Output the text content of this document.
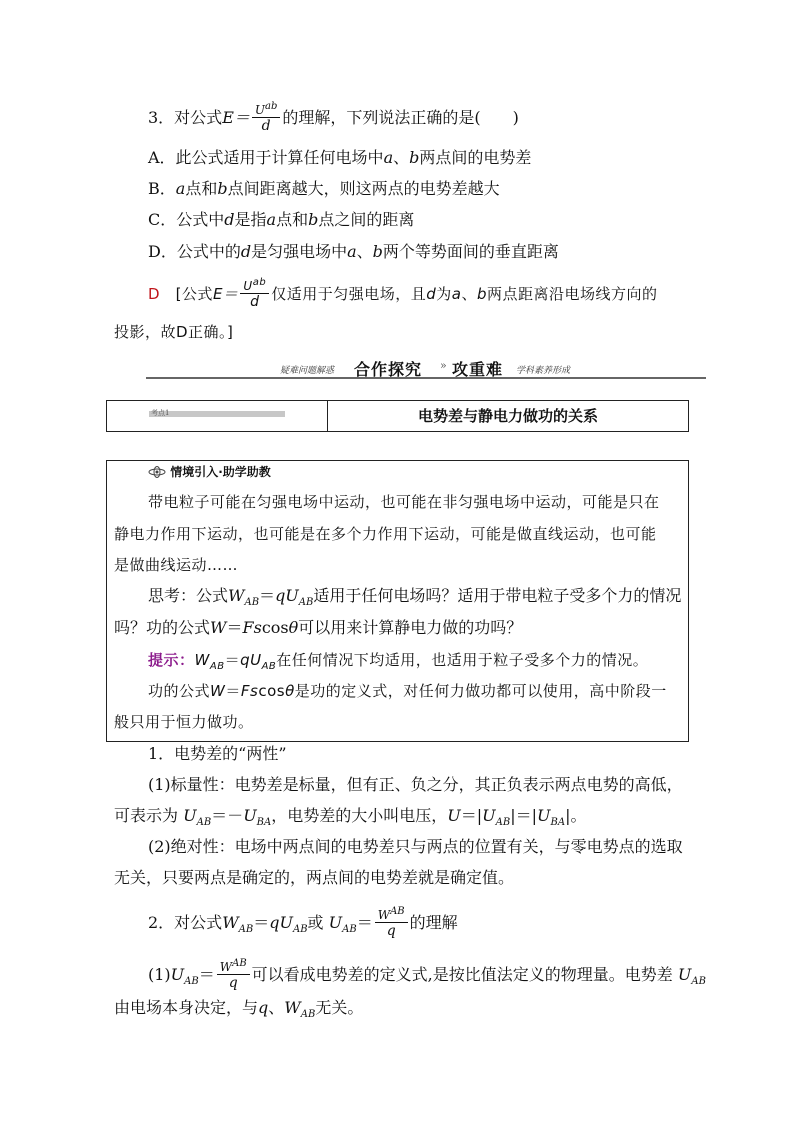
3．对公式$E= \frac{U^{ab}}{d}$ 的理解，下列说法正确的是(　　)
A．此公式适用于计算任何电场中a、b两点间的电势差
B．a点和b点间距离越大，则这两点的电势差越大
C．公式中d是指a点和b点之间的距离
D．公式中的d是匀强电场中a、b两个等势面间的垂直距离
D　 [公式$E= \frac{U^{ab}}{d}$ 仅适用于匀强电场，且d为a、b两点距离沿电场线方向的
投影，故D正确。]
疑难问题解惑 合作探究 » 攻重难 学科素养形成
考点1	电势差与静电力做功的关系
情境引入·助学助教
带电粒子可能在匀强电场中运动，也可能在非匀强电场中运动，可能是只在
静电力作用下运动，也可能是在多个力作用下运动，可能是做直线运动，也可能
是做曲线运动……
思考：公式$W_{AB}=qU_{AB}$适用于任何电场吗？适用于带电粒子受多个力的情况
吗？功的公式W＝Fscosθ可以用来计算静电力做的功吗？
提示：$W_{AB}=qU_{AB}$在任何情况下均适用，也适用于粒子受多个力的情况。
功的公式W＝Fscosθ是功的定义式，对任何力做功都可以使用，高中阶段一
般只用于恒力做功。
1．电势差的“两性”
(1)标量性：电势差是标量，但有正、负之分，其正负表示两点电势的高低，
可表示为 $U_{AB}=-U_{BA}$，电势差的大小叫电压，$U=|U_{AB}|=|U_{BA}|$。
(2)绝对性：电场中两点间的电势差只与两点的位置有关，与零电势点的选取
无关，只要两点是确定的，两点间的电势差就是确定值。
2．对公式$W_{AB}=qU_{AB}$或 $U_{AB}= \frac{W^{AB}}{q}$ 的理解
$(1)U_{AB}= \frac{W^{AB}}{q}$ 可以看成电势差的定义式,是按比值法定义的物理量。电势差 $U_{AB}$
由电场本身决定，与q、$W_{AB}$无关。
